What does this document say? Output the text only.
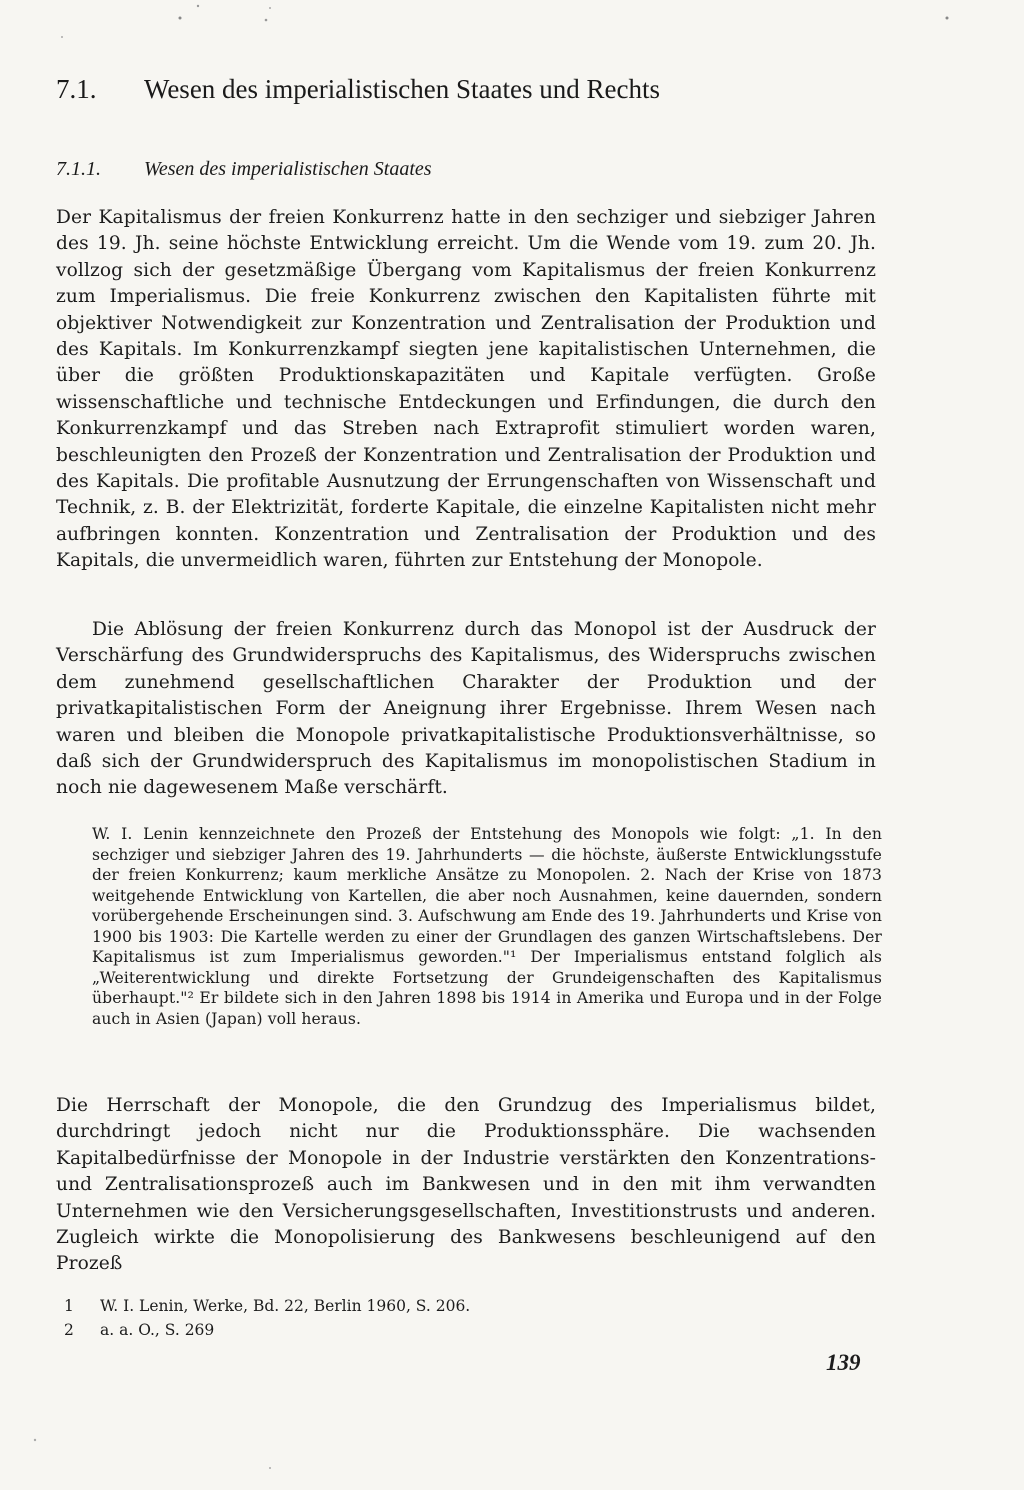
7.1.	Wesen des imperialistischen Staates und Rechts
7.1.1.	Wesen des imperialistischen Staates

Der Kapitalismus der freien Konkurrenz hatte in den sechziger und siebziger Jahren des 19. Jh. seine höchste Entwicklung erreicht. Um die Wende vom 19. zum 20. Jh. vollzog sich der gesetzmäßige Übergang vom Kapitalismus der freien Konkurrenz zum Imperialismus. Die freie Konkurrenz zwischen den Kapitalisten führte mit objektiver Notwendigkeit zur Konzentration und Zentralisation der Produktion und des Kapitals. Im Konkurrenzkampf siegten jene kapitalistischen Unternehmen, die über die größten Produktionskapazitäten und Kapitale verfügten. Große wissenschaftliche und technische Entdeckungen und Erfindungen, die durch den Konkurrenzkampf und das Streben nach Extraprofit stimuliert worden waren, beschleunigten den Prozeß der Konzentration und Zentralisation der Produktion und des Kapitals. Die profitable Ausnutzung der Errungenschaften von Wissenschaft und Technik, z. B. der Elektrizität, forderte Kapitale, die einzelne Kapitalisten nicht mehr aufbringen konnten. Konzentration und Zentralisation der Produktion und des Kapitals, die unvermeidlich waren, führten zur Entstehung der Monopole.

Die Ablösung der freien Konkurrenz durch das Monopol ist der Ausdruck der Verschärfung des Grundwiderspruchs des Kapitalismus, des Widerspruchs zwischen dem zunehmend gesellschaftlichen Charakter der Produktion und der privatkapitalistischen Form der Aneignung ihrer Ergebnisse. Ihrem Wesen nach waren und bleiben die Monopole privatkapitalistische Produktionsverhältnisse, so daß sich der Grundwiderspruch des Kapitalismus im monopolistischen Stadium in noch nie dagewesenem Maße verschärft.

W. I. Lenin kennzeichnete den Prozeß der Entstehung des Monopols wie folgt: „1. In den sechziger und siebziger Jahren des 19. Jahrhunderts — die höchste, äußerste Entwicklungsstufe der freien Konkurrenz; kaum merkliche Ansätze zu Monopolen. 2. Nach der Krise von 1873 weitgehende Entwicklung von Kartellen, die aber noch Ausnahmen, keine dauernden, sondern vorübergehende Erscheinungen sind. 3. Aufschwung am Ende des 19. Jahrhunderts und Krise von 1900 bis 1903: Die Kartelle werden zu einer der Grundlagen des ganzen Wirtschaftslebens. Der Kapitalismus ist zum Imperialismus geworden."¹ Der Imperialismus entstand folglich als „Weiterentwicklung und direkte Fortsetzung der Grundeigenschaften des Kapitalismus überhaupt."² Er bildete sich in den Jahren 1898 bis 1914 in Amerika und Europa und in der Folge auch in Asien (Japan) voll heraus.

Die Herrschaft der Monopole, die den Grundzug des Imperialismus bildet, durchdringt jedoch nicht nur die Produktionssphäre. Die wachsenden Kapitalbedürfnisse der Monopole in der Industrie verstärkten den Konzentrations- und Zentralisationsprozeß auch im Bankwesen und in den mit ihm verwandten Unternehmen wie den Versicherungsgesellschaften, Investitionstrusts und anderen. Zugleich wirkte die Monopolisierung des Bankwesens beschleunigend auf den Prozeß

1	W. I. Lenin, Werke, Bd. 22, Berlin 1960, S. 206.
2	a. a. O., S. 269
139
